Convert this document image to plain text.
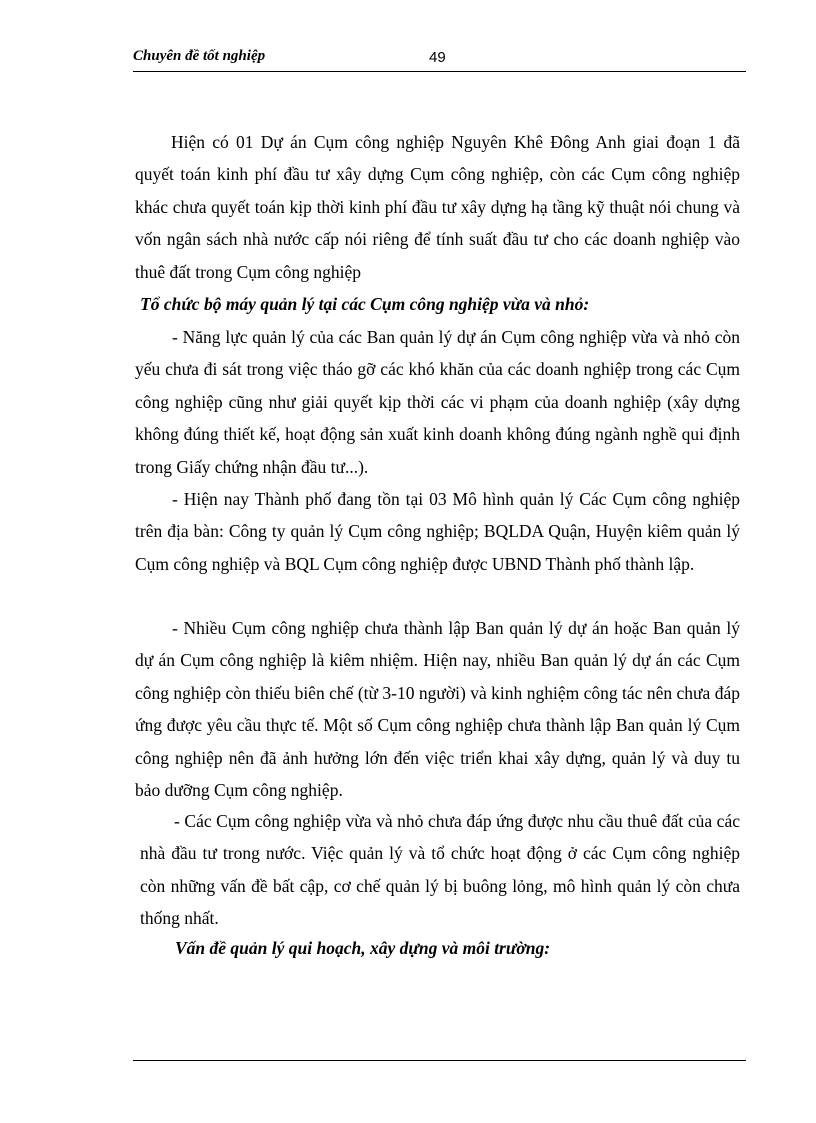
Chuyên đề tốt nghiệp	49

Hiện có 01 Dự án Cụm công nghiệp Nguyên Khê Đông Anh giai đoạn 1 đã quyết toán kinh phí đầu tư xây dựng Cụm công nghiệp, còn các Cụm công nghiệp khác chưa quyết toán kịp thời kinh phí đầu tư xây dựng hạ tầng kỹ thuật nói chung và vốn ngân sách nhà nước cấp nói riêng để tính suất đầu tư cho các doanh nghiệp vào thuê đất trong Cụm công nghiệp

Tổ chức bộ máy quản lý tại các Cụm công nghiệp vừa và nhỏ:

- Năng lực quản lý của các Ban quản lý dự án Cụm công nghiệp vừa và nhỏ còn yếu chưa đi sát trong việc tháo gỡ các khó khăn của các doanh nghiệp trong các Cụm công nghiệp cũng như giải quyết kịp thời các vi phạm của doanh nghiệp (xây dựng không đúng thiết kế, hoạt động sản xuất kinh doanh không đúng ngành nghề qui định trong Giấy chứng nhận đầu tư...).

- Hiện nay Thành phố đang tồn tại 03 Mô hình quản lý Các Cụm công nghiệp trên địa bàn: Công ty quản lý Cụm công nghiệp; BQLDA Quận, Huyện kiêm quản lý Cụm công nghiệp và BQL Cụm công nghiệp được UBND Thành phố thành lập.

- Nhiều Cụm công nghiệp chưa thành lập Ban quản lý dự án hoặc Ban quản lý dự án Cụm công nghiệp là kiêm nhiệm. Hiện nay, nhiều Ban quản lý dự án các Cụm công nghiệp còn thiếu biên chế (từ 3-10 người) và kinh nghiệm công tác nên chưa đáp ứng được yêu cầu thực tế. Một số Cụm công nghiệp chưa thành lập Ban quản lý Cụm công nghiệp nên đã ảnh hưởng lớn đến việc triển khai xây dựng, quản lý và duy tu bảo dưỡng Cụm công nghiệp.

- Các Cụm công nghiệp vừa và nhỏ chưa đáp ứng được nhu cầu thuê đất của các nhà đầu tư trong nước. Việc quản lý và tổ chức hoạt động ở các Cụm công nghiệp còn những vấn đề bất cập, cơ chế quản lý bị buông lỏng, mô hình quản lý còn chưa thống nhất.

Vấn đề quản lý qui hoạch, xây dựng và môi trường:
